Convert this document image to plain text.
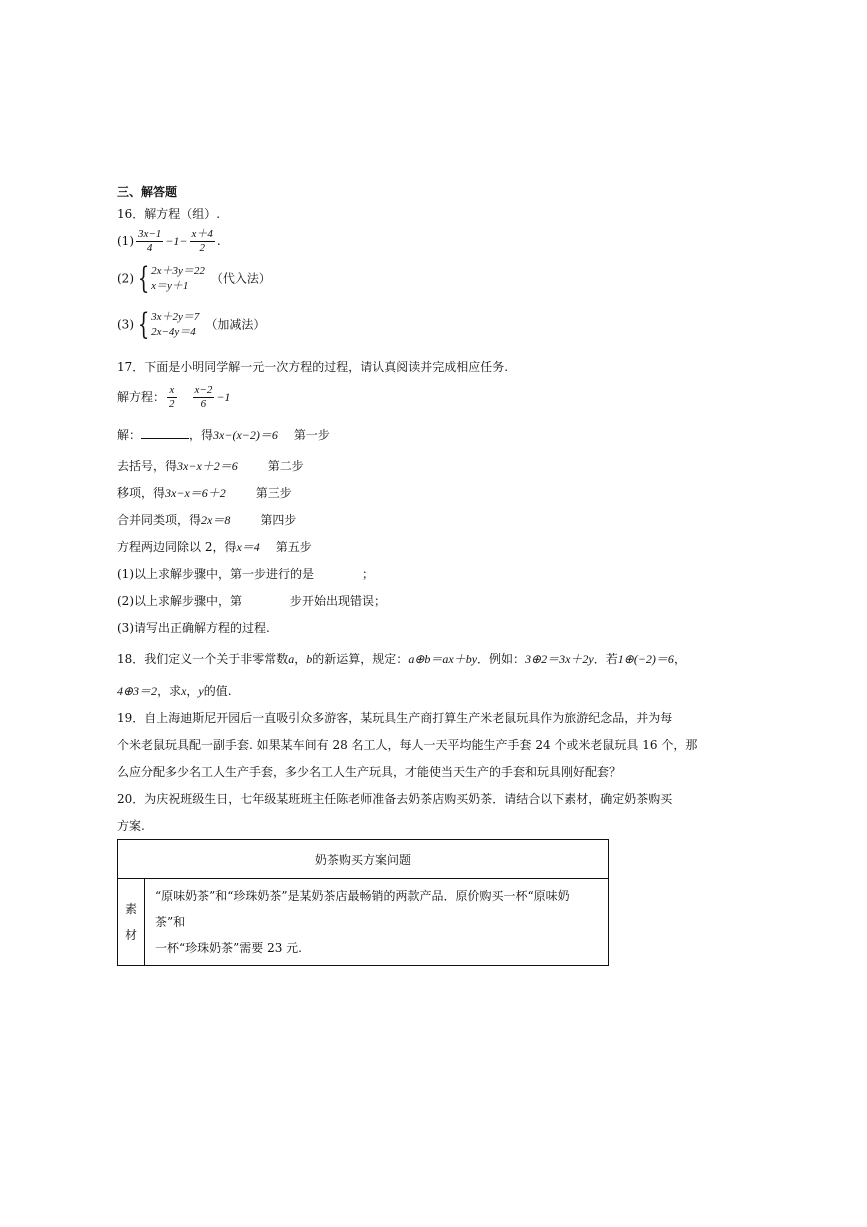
三、解答题
16．解方程（组）.
$(1) \frac{3x-1}{4} -1- \frac{x+4}{2}$ .
(2) { 2x＋3y＝22
x＝y＋1
（代入法）
(3) { 3x＋2y＝7
2x−4y＝4
（加减法）
17．下面是小明同学解一元一次方程的过程，请认真阅读并完成相应任务.
解方程： $\frac{x}{2} \frac{x-2}{6} -1$
解：	，得3x−(x−2)＝6 第一步
去括号，得3x−x＋2＝6	第二步
移项，得3x−x＝6＋2	第三步
合并同类项，得2x＝8	第四步
方程两边同除以 2，得x＝4 第五步
(1)以上求解步骤中，第一步进行的是	；
(2)以上求解步骤中，第	步开始出现错误；
(3)请写出正确解方程的过程.
18．我们定义一个关于非零常数a，b的新运算，规定：a⊕b＝ax＋by．例如：3⊕2＝3x＋2y．若1⊕(−2)＝6，
4⊕3＝2，求x，y的值.
19．自上海迪斯尼开园后一直吸引众多游客，某玩具生产商打算生产米老鼠玩具作为旅游纪念品，并为每
个米老鼠玩具配一副手套. 如果某车间有 28 名工人，每人一天平均能生产手套 24 个或米老鼠玩具 16 个，那
么应分配多少名工人生产手套，多少名工人生产玩具，才能使当天生产的手套和玩具刚好配套？
20．为庆祝班级生日，七年级某班班主任陈老师准备去奶茶店购买奶茶．请结合以下素材，确定奶茶购买
方案.
奶茶购买方案问题

素
材

“原味奶茶”和“珍珠奶茶”是某奶茶店最畅销的两款产品．原价购买一杯“原味奶茶”和
一杯“珍珠奶茶”需要 23 元.
